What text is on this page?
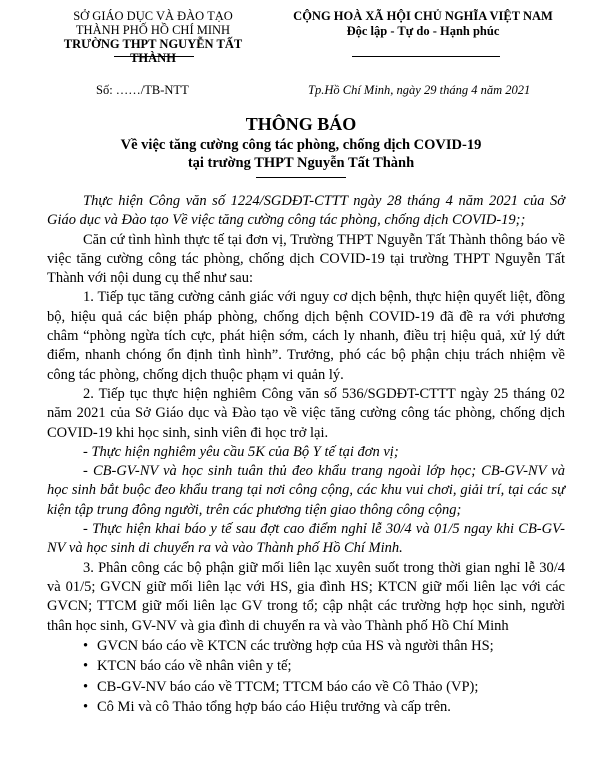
SỞ GIÁO DỤC VÀ ĐÀO TẠO
THÀNH PHỐ HỒ CHÍ MINH
TRƯỜNG THPT NGUYỄN TẤT THÀNH
CỘNG HOÀ XÃ HỘI CHỦ NGHĨA VIỆT NAM
Độc lập - Tự do - Hạnh phúc
Số: ……/TB-NTT	Tp.Hồ Chí Minh, ngày 29 tháng 4 năm 2021
THÔNG BÁO
Về việc tăng cường công tác phòng, chống dịch COVID-19
tại trường THPT Nguyễn Tất Thành

Thực hiện Công văn số 1224/SGDĐT-CTTT ngày 28 tháng 4 năm 2021 của Sở Giáo dục và Đào tạo Về việc tăng cường công tác phòng, chống dịch COVID-19;;

Căn cứ tình hình thực tế tại đơn vị, Trường THPT Nguyễn Tất Thành thông báo về việc tăng cường công tác phòng, chống dịch COVID-19 tại trường THPT Nguyễn Tất Thành với nội dung cụ thể như sau:

1. Tiếp tục tăng cường cảnh giác với nguy cơ dịch bệnh, thực hiện quyết liệt, đồng bộ, hiệu quả các biện pháp phòng, chống dịch bệnh COVID-19 đã đề ra với phương châm “phòng ngừa tích cực, phát hiện sớm, cách ly nhanh, điều trị hiệu quả, xử lý dứt điểm, nhanh chóng ổn định tình hình”. Trưởng, phó các bộ phận chịu trách nhiệm về công tác phòng, chống dịch thuộc phạm vi quản lý.

2. Tiếp tục thực hiện nghiêm Công văn số 536/SGDĐT-CTTT ngày 25 tháng 02 năm 2021 của Sở Giáo dục và Đào tạo về việc tăng cường công tác phòng, chống dịch COVID-19 khi học sinh, sinh viên đi học trở lại.

- Thực hiện nghiêm yêu cầu 5K của Bộ Y tế tại đơn vị;

- CB-GV-NV và học sinh tuân thủ đeo khẩu trang ngoài lớp học; CB-GV-NV và học sinh bắt buộc đeo khẩu trang tại nơi công cộng, các khu vui chơi, giải trí, tại các sự kiện tập trung đông người, trên các phương tiện giao thông công cộng;

- Thực hiện khai báo y tế sau đợt cao điểm nghỉ lễ 30/4 và 01/5 ngay khi CB-GV-NV và học sinh di chuyển ra và vào Thành phố Hồ Chí Minh.

3. Phân công các bộ phận giữ mối liên lạc xuyên suốt trong thời gian nghỉ lễ 30/4 và 01/5; GVCN giữ mối liên lạc với HS, gia đình HS; KTCN giữ mối liên lạc với các GVCN; TTCM giữ mối liên lạc GV trong tổ; cập nhật các trường hợp học sinh, người thân học sinh, GV-NV và gia đình di chuyển ra và vào Thành phố Hồ Chí Minh

• GVCN báo cáo về KTCN các trường hợp của HS và người thân HS;
• KTCN báo cáo về nhân viên y tế;
• CB-GV-NV báo cáo về TTCM; TTCM báo cáo về Cô Thảo (VP);
• Cô Mi và cô Thảo tổng hợp báo cáo Hiệu trưởng và cấp trên.
